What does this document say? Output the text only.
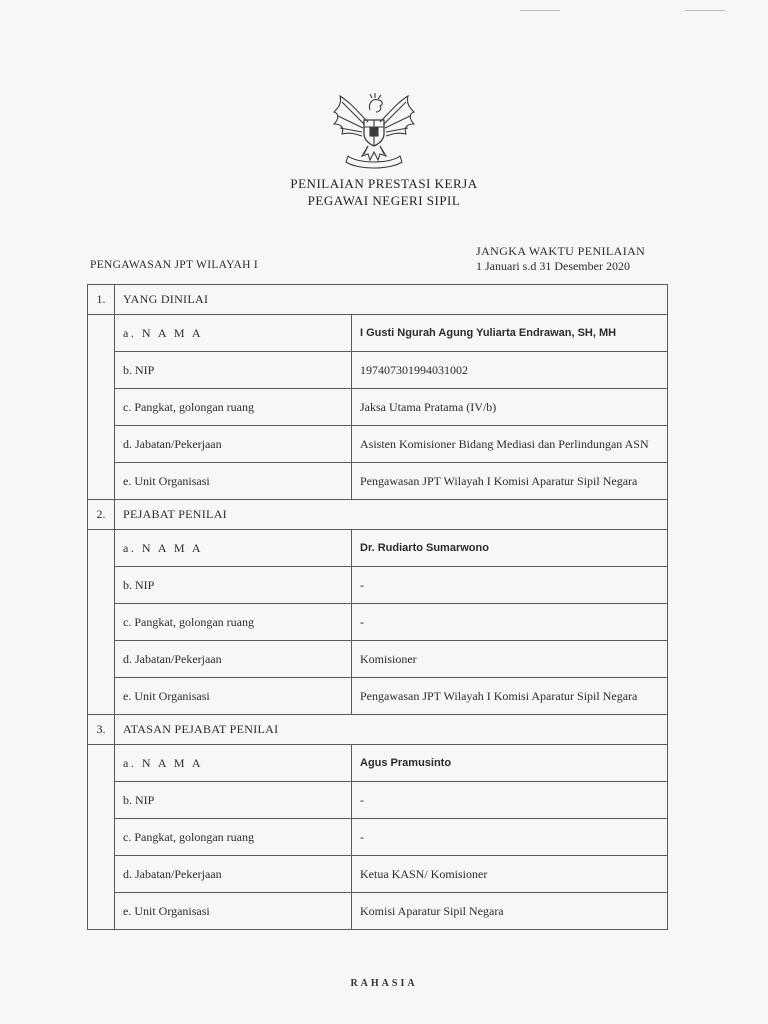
PENILAIAN PRESTASI KERJA
PEGAWAI NEGERI SIPIL
PENGAWASAN JPT WILAYAH I
JANGKA WAKTU PENILAIAN
1 Januari s.d 31 Desember 2020
1.	YANG DINILAI	
	a. N A M A	I Gusti Ngurah Agung Yuliarta Endrawan, SH, MH
	b. NIP	197407301994031002
	c. Pangkat, golongan ruang	Jaksa Utama Pratama (IV/b)
	d. Jabatan/Pekerjaan	Asisten Komisioner Bidang Mediasi dan Perlindungan ASN
	e. Unit Organisasi	Pengawasan JPT Wilayah I Komisi Aparatur Sipil Negara
2.	PEJABAT PENILAI	
	a. N A M A	Dr. Rudiarto Sumarwono
	b. NIP	-
	c. Pangkat, golongan ruang	-
	d. Jabatan/Pekerjaan	Komisioner
	e. Unit Organisasi	Pengawasan JPT Wilayah I Komisi Aparatur Sipil Negara
3.	ATASAN PEJABAT PENILAI	
	a. N A M A	Agus Pramusinto
	b. NIP	-
	c. Pangkat, golongan ruang	-
	d. Jabatan/Pekerjaan	Ketua KASN/ Komisioner
	e. Unit Organisasi	Komisi Aparatur Sipil Negara
RAHASIA
